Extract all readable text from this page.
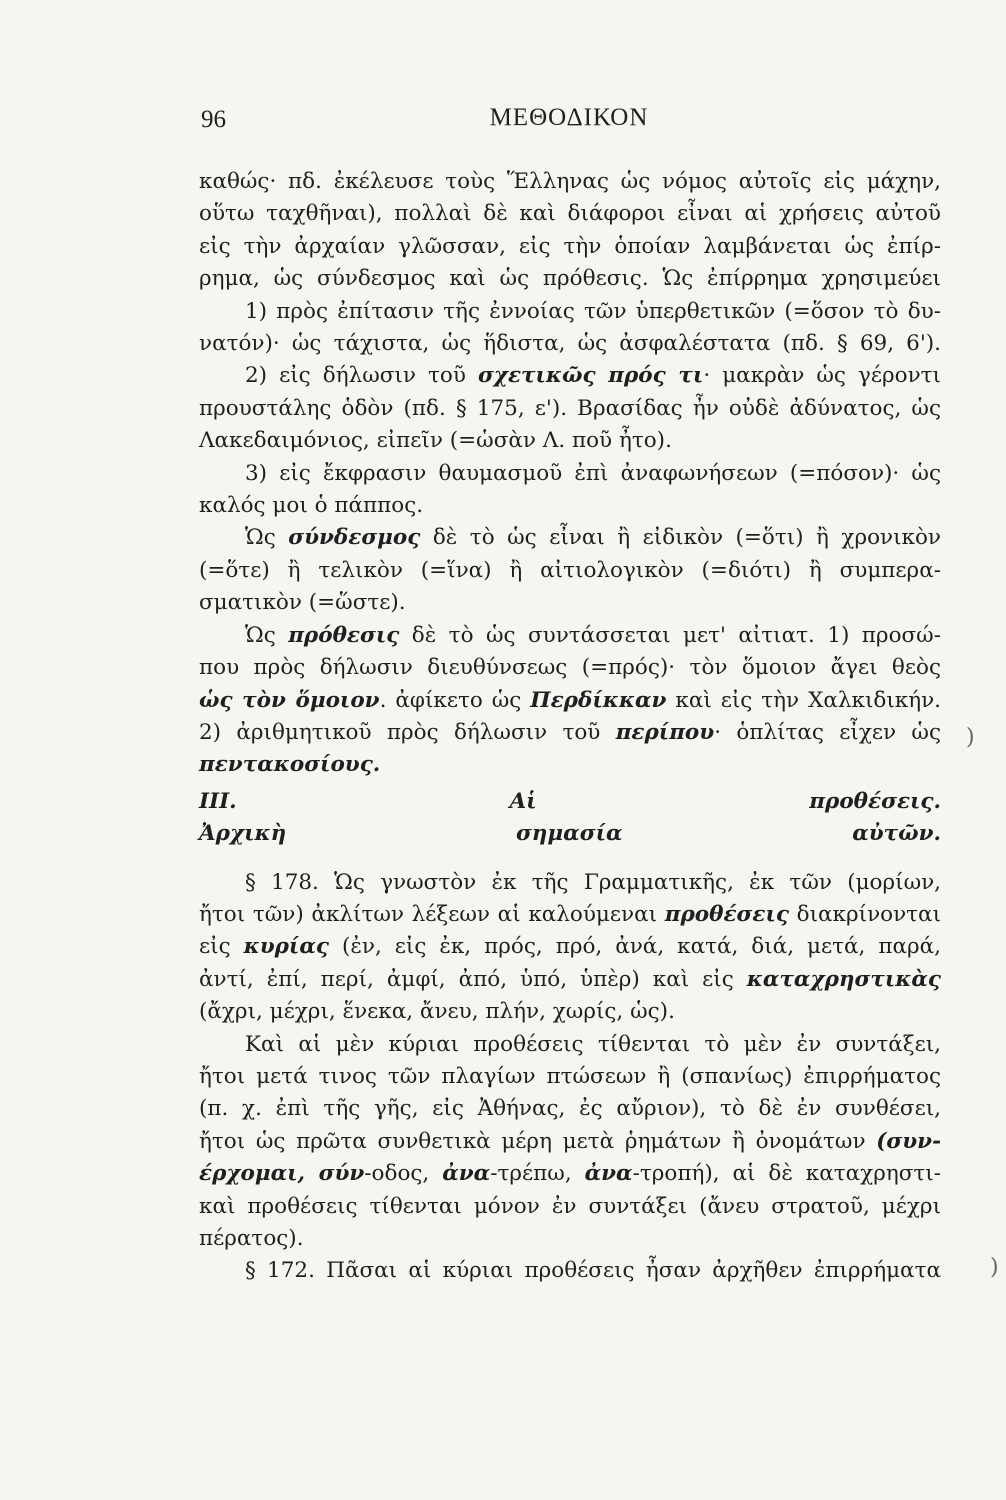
96	ΜΕΘΟΔΙΚΟΝ

καθώς· πδ. ἐκέλευσε τοὺς Ἕλληνας ὡς νόμος αὐτοῖς εἰς μάχην,

οὕτω ταχθῆναι), πολλαὶ δὲ καὶ διάφοροι εἶναι αἱ χρήσεις αὐτοῦ

εἰς τὴν ἀρχαίαν γλῶσσαν, εἰς τὴν ὁποίαν λαμβάνεται ὡς ἐπίρ-

ρημα, ὡς σύνδεσμος καὶ ὡς πρόθεσις. Ὡς ἐπίρρημα χρησιμεύει

1) πρὸς ἐπίτασιν τῆς ἐννοίας τῶν ὑπερθετικῶν (=ὅσον τὸ δυ-

νατόν)· ὡς τάχιστα, ὡς ἥδιστα, ὡς ἀσφαλέστατα (πδ. § 69, 6').

2) εἰς δήλωσιν τοῦ σχετικῶς πρός τι· μακρὰν ὡς γέροντι

προυστάλης ὁδὸν (πδ. § 175, ε'). Βρασίδας ἦν οὐδὲ ἀδύνατος, ὡς

Λακεδαιμόνιος, εἰπεῖν (=ὡσὰν Λ. ποῦ ἦτο).

3) εἰς ἔκφρασιν θαυμασμοῦ ἐπὶ ἀναφωνήσεων (=πόσον)· ὡς

καλός μοι ὁ πάππος.

Ὡς σύνδεσμος δὲ τὸ ὡς εἶναι ἢ εἰδικὸν (=ὅτι) ἢ χρονικὸν

(=ὅτε) ἢ τελικὸν (=ἵνα) ἢ αἰτιολογικὸν (=διότι) ἢ συμπερα-

σματικὸν (=ὥστε).

Ὡς πρόθεσις δὲ τὸ ὡς συντάσσεται μετ' αἰτιατ. 1) προσώ-

που πρὸς δήλωσιν διευθύνσεως (=πρός)· τὸν ὅμοιον ἄγει θεὸς

ὡς τὸν ὅμοιον. ἀφίκετο ὡς Περδίκκαν καὶ εἰς τὴν Χαλκιδικήν.

2) ἀριθμητικοῦ πρὸς δήλωσιν τοῦ περίπου· ὁπλίτας εἶχεν ὡς

πεντακοσίους.

ΙΙΙ. Αἱ προθέσεις.

Ἀρχικὴ σημασία αὐτῶν.

§ 178. Ὡς γνωστὸν ἐκ τῆς Γραμματικῆς, ἐκ τῶν (μορίων,

ἤτοι τῶν) ἀκλίτων λέξεων αἱ καλούμεναι προθέσεις διακρίνονται

εἰς κυρίας (ἐν, εἰς ἐκ, πρός, πρό, ἀνά, κατά, διά, μετά, παρά,

ἀντί, ἐπί, περί, ἀμφί, ἀπό, ὑπό, ὑπὲρ) καὶ εἰς καταχρηστικὰς

(ἄχρι, μέχρι, ἕνεκα, ἄνευ, πλήν, χωρίς, ὡς).

Καὶ αἱ μὲν κύριαι προθέσεις τίθενται τὸ μὲν ἐν συντάξει,

ἤτοι μετά τινος τῶν πλαγίων πτώσεων ἢ (σπανίως) ἐπιρρήματος

(π. χ. ἐπὶ τῆς γῆς, εἰς Ἀθήνας, ἐς αὔριον), τὸ δὲ ἐν συνθέσει,

ἤτοι ὡς πρῶτα συνθετικὰ μέρη μετὰ ῥημάτων ἢ ὀνομάτων (συν-

έρχομαι, σύν-οδος, ἀνα-τρέπω, ἀνα-τροπή), αἱ δὲ καταχρηστι-

καὶ προθέσεις τίθενται μόνον ἐν συντάξει (ἄνευ στρατοῦ, μέχρι

πέρατος).

§ 172. Πᾶσαι αἱ κύριαι προθέσεις ἦσαν ἀρχῆθεν ἐπιρρήματα

)
)
